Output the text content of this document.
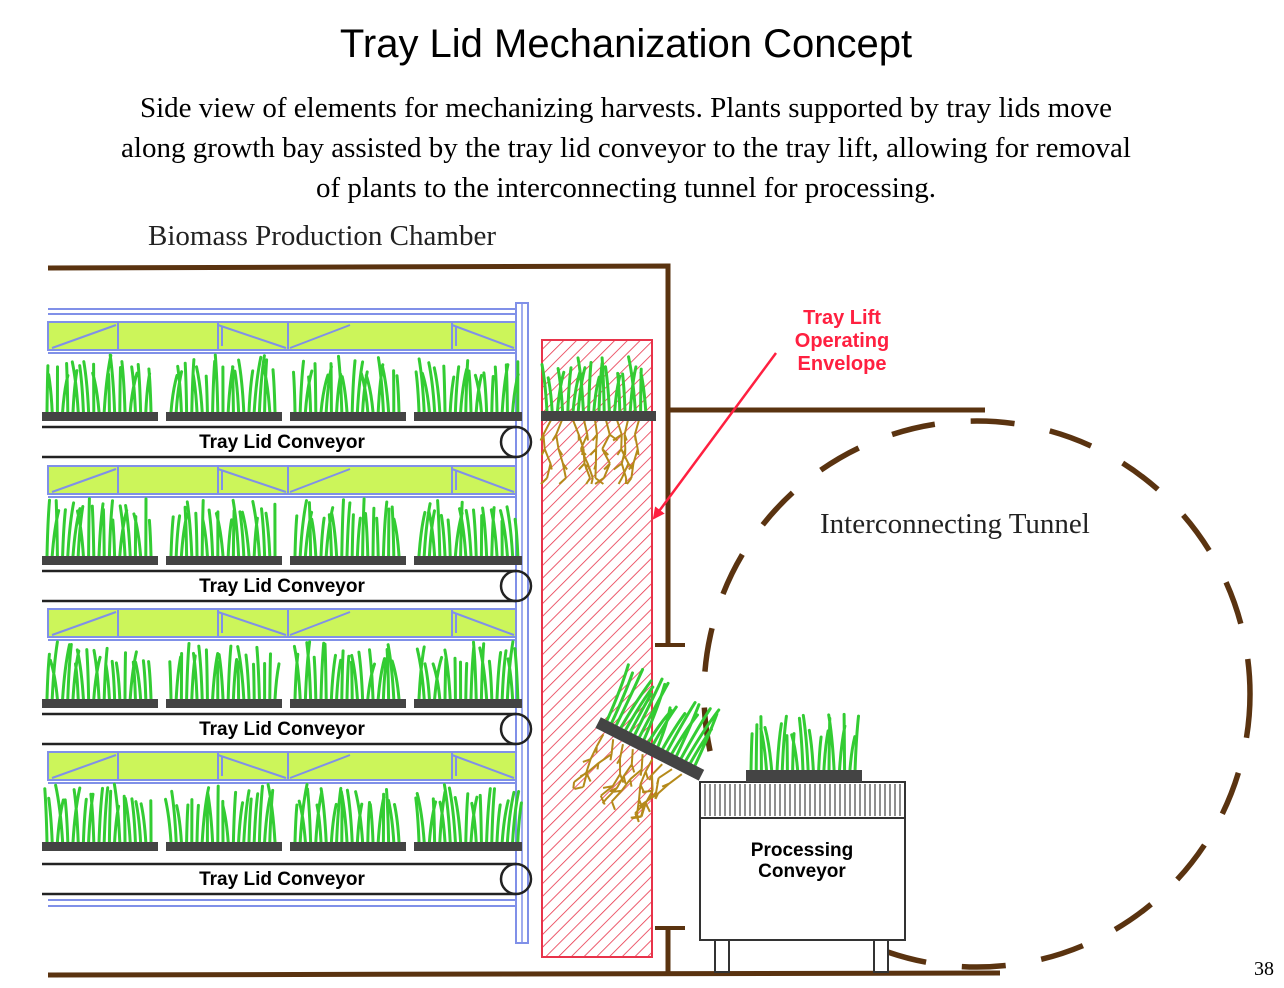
Tray Lid Mechanization Concept
Side view of elements for mechanizing harvests. Plants supported by tray lids move
along growth bay assisted by the tray lid conveyor to the tray lift, allowing for removal
of plants to the interconnecting tunnel for processing.
Biomass Production Chamber
Interconnecting Tunnel
Tray Lid Conveyor
Tray Lid Conveyor
Tray Lid Conveyor
Tray Lid Conveyor
Tray Lift
Operating
Envelope
Processing
Conveyor
38
